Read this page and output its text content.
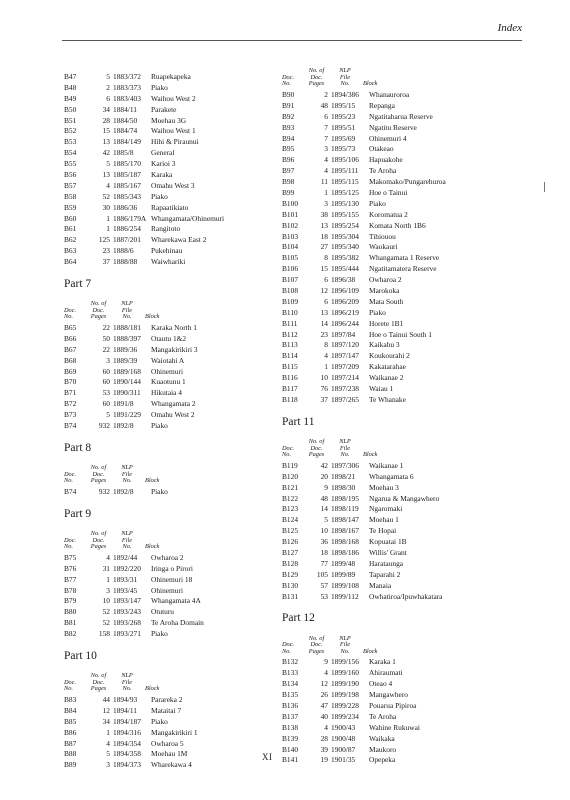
Index
B47	5 1883/372	Ruapekapeka
B48	2 1883/373	Piako
B49	6 1883/403	Waihou West 2
B50	34 1884/11	Parakete
B51	28 1884/50	Moehau 3G
B52	15 1884/74	Waihou West 1
B53	13 1884/149	Hihi & Piraunui
B54	42 1885/8	General
B55	5 1885/170	Karioi 3
B56	13 1885/187	Karaka
B57	4 1885/167	Omahu West 3
B58	52 1885/343	Piako
B59	30 1886/36	Rapaatikiato
B60	1 1886/179A Whangamata/Ohinemuri
B61	1 1886/254	Rangitoto
B62	125 1887/201	Wharekawa East 2
B63	23 1888/6	Pukehinau
B64	37 1888/88	Waiwhariki
Part 7
Doc.
No.
No. of
Doc.
Pages
NLP
File
No.	Block
B65	22 1888/181	Karaka North 1
B66	50 1888/397	Otautu 1&2
B67	22 1889/36	Mangakirikiri 3
B68	3 1889/39	Waiotahi A
B69	60 1889/168	Ohinemuri
B70	60 1890/144	Kuaotunu 1
B71	53 1890/311	Hikutaia 4
B72	60 1891/8	Whangamata 2
B73	5 1891/229	Omahu West 2
B74	932 1892/8	Piako
Part 8
Doc.
No.
No. of
Doc.
Pages
NLP
File
No.	Block
B74	932 1892/8	Piako
Part 9
Doc.
No.
No. of
Doc.
Pages
NLP
File
No.	Block
B75	4 1892/44	Owharoa 2
B76	31 1892/220	Iringa o Pirori
B77	1 1893/31	Ohinemuri 18
B78	3 1893/45	Ohinemuri
B79	10 1893/147	Whangamata 4A
B80	52 1893/243	Otuturu
B81	52 1893/268	Te Aroha Domain
B82	158 1893/271	Piako
Part 10
Doc.
No.
No. of
Doc.
Pages
NLP
File
No.	Block
B83	44 1894/93	Parareka 2
B84	12 1894/11	Mataitai 7
B85	34 1894/187	Piako
B86	1 1894/316	Mangakirikiri 1
B87	4 1894/354	Owharoa 5
B88	5 1894/358	Moehau 1M
B89	3 1894/373	Wharekawa 4
Doc.
No.
No. of
Doc.
Pages
NLP
File
No.	Block
B90	2 1894/386	Whanauroroa
B91	48 1895/15	Repanga
B92	6 1895/23	Ngatitaharua Reserve
B93	7 1895/51	Ngatitu Reserve
B94	7 1895/69	Ohinemuri 4
B95	3 1895/73	Otakeao
B96	4 1895/106	Hapuakohe
B97	4 1895/111	Te Aroha
B98	11 1895/115	Makomako/Pungarehuroa
B99	1 1895/125	Hoe o Tainui
B100	3 1895/130	Piako
B101	38 1895/155	Koromatua 2
B102	13 1895/254	Komata North 1B6
B103	18 1895/304	Tihiouou
B104	27 1895/340	Waokauri
B105	8 1895/382	Whangamata 1 Reserve
B106	15 1895/444	Ngatitamatera Reserve
B107	6 1896/38	Owharoa 2
B108	12 1896/109	Marokoka
B109	6 1896/209	Mata South
B110	13 1896/219	Piako
B111	14 1896/244	Horete 1B1
B112	23 1897/84	Hoe o Tainui South 1
B113	8 1897/120	Kaikahu 3
B114	4 1897/147	Koukourahi 2
B115	1 1897/209	Kakatarahae
B116	10 1897/214	Waikanae 2
B117	76 1897/238	Waiau 1
B118	37 1897/265	Te Whanake
Part 11
Doc.
No.
No. of
Doc.
Pages
NLP
File
No.	Block
B119	42 1897/306	Waikanae 1
B120	20 1898/21	Whangamata 6
B121	9 1898/30	Moehau 3
B122	48 1898/195	Ngarua & Mangawhero
B123	14 1898/119	Ngaromaki
B124	5 1898/147	Moehau 1
B125	10 1898/167	Te Hopai
B126	36 1898/168	Kopuatai 1B
B127	18 1898/186	Willis' Grant
B128	77 1899/48	Harataunga
B129	105 1899/89	Taparahi 2
B130	57 1899/108	Manaia
B131	53 1899/112	Owhatiroa/Ipuwhakatara
Part 12
Doc.
No.
No. of
Doc.
Pages
NLP
File
No.	Block
B132	9 1899/156	Karaka 1
B133	4 1899/160	Ahiraumati
B134	12 1899/190	Oteao 4
B135	26 1899/198	Mangawhero
B136	47 1899/228	Pouarua Pipiroa
B137	40 1899/234	Te Aroha
B138	4 1900/43	Wahine Rukuwai
B139	28 1900/48	Waikaka
B140	39 1900/87	Maukoro
B141	19 1901/35	Opepeka
XI
